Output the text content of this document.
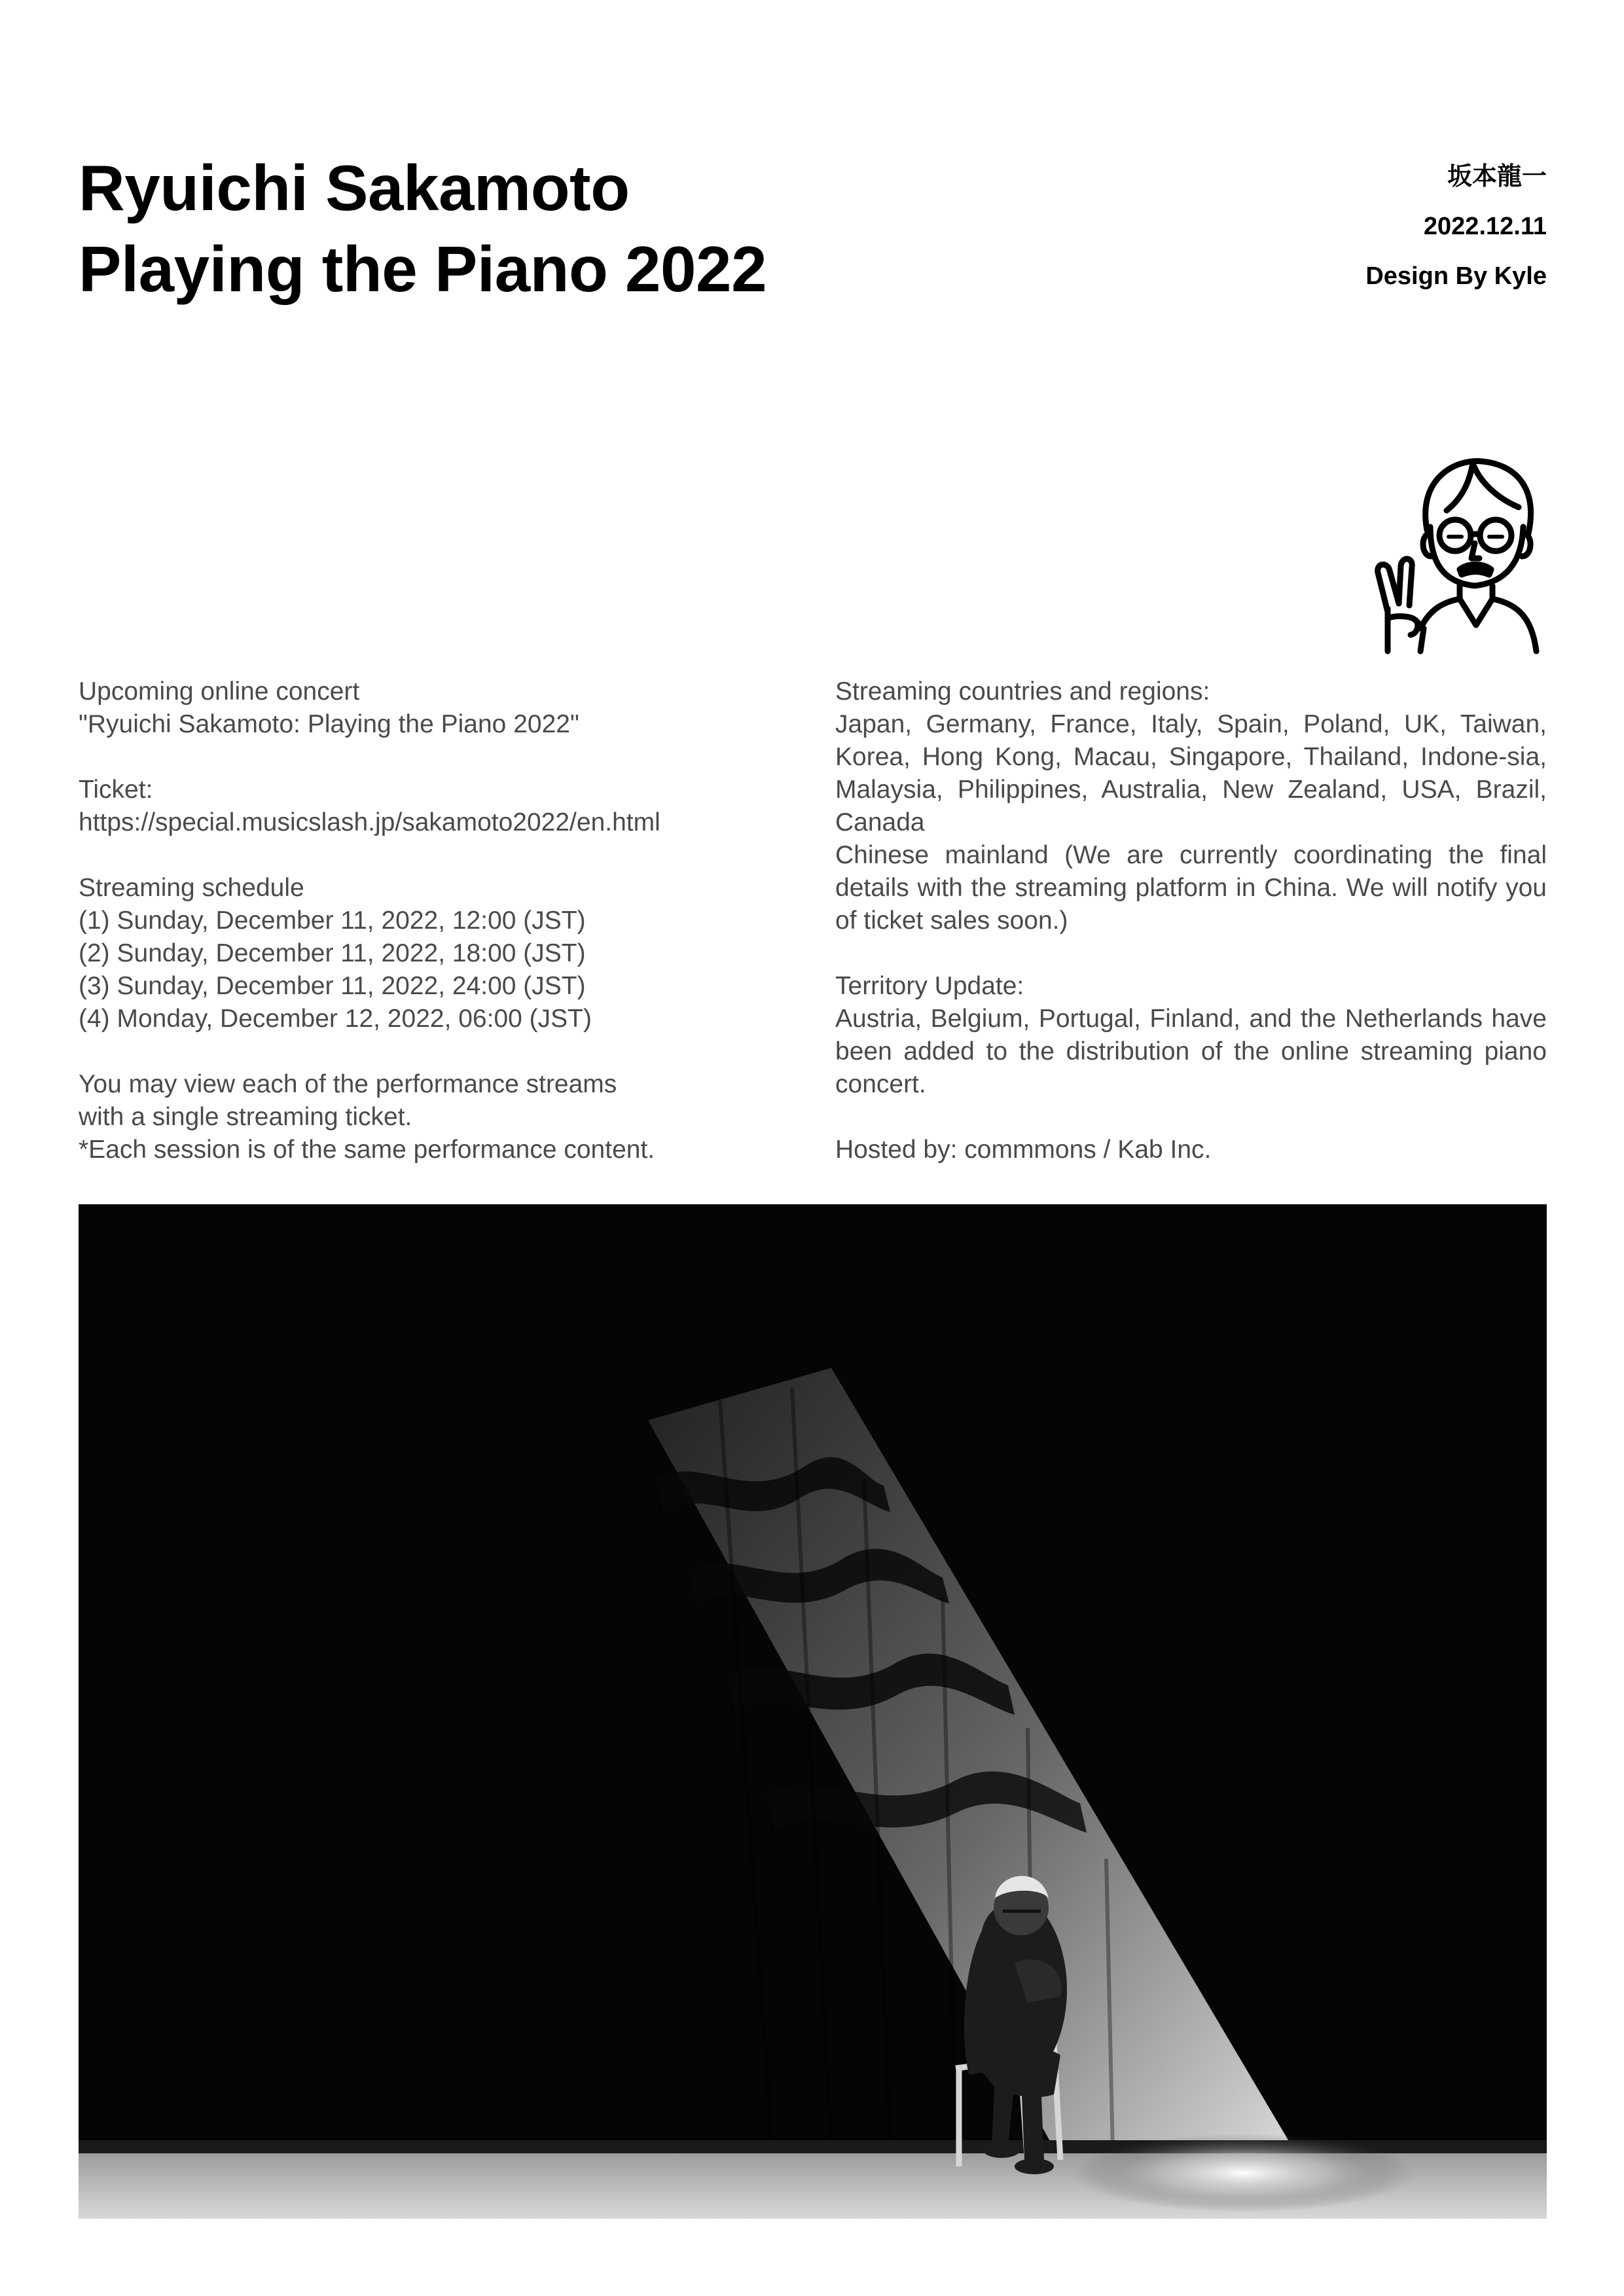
Ryuichi Sakamoto
Playing the Piano 2022
坂本龍一
2022.12.11
Design By Kyle

Upcoming online concert
"Ryuichi Sakamoto: Playing the Piano 2022"

Ticket:
https://special.musicslash.jp/sakamoto2022/en.html

Streaming schedule
(1) Sunday, December 11, 2022, 12:00 (JST)
(2) Sunday, December 11, 2022, 18:00 (JST)
(3) Sunday, December 11, 2022, 24:00 (JST)
(4) Monday, December 12, 2022, 06:00 (JST)

You may view each of the performance streams
with a single streaming ticket.
*Each session is of the same performance content.

Streaming countries and regions:
Japan, Germany, France, Italy, Spain, Poland, UK, Taiwan, Korea, Hong Kong, Macau, Singapore, Thailand, Indone-sia, Malaysia, Philippines, Australia, New Zealand, USA, Brazil, Canada
Chinese mainland (We are currently coordinating the final details with the streaming platform in China. We will notify you of ticket sales soon.)

Territory Update:
Austria, Belgium, Portugal, Finland, and the Netherlands have been added to the distribution of the online streaming piano concert.

Hosted by: commmons / Kab Inc.
